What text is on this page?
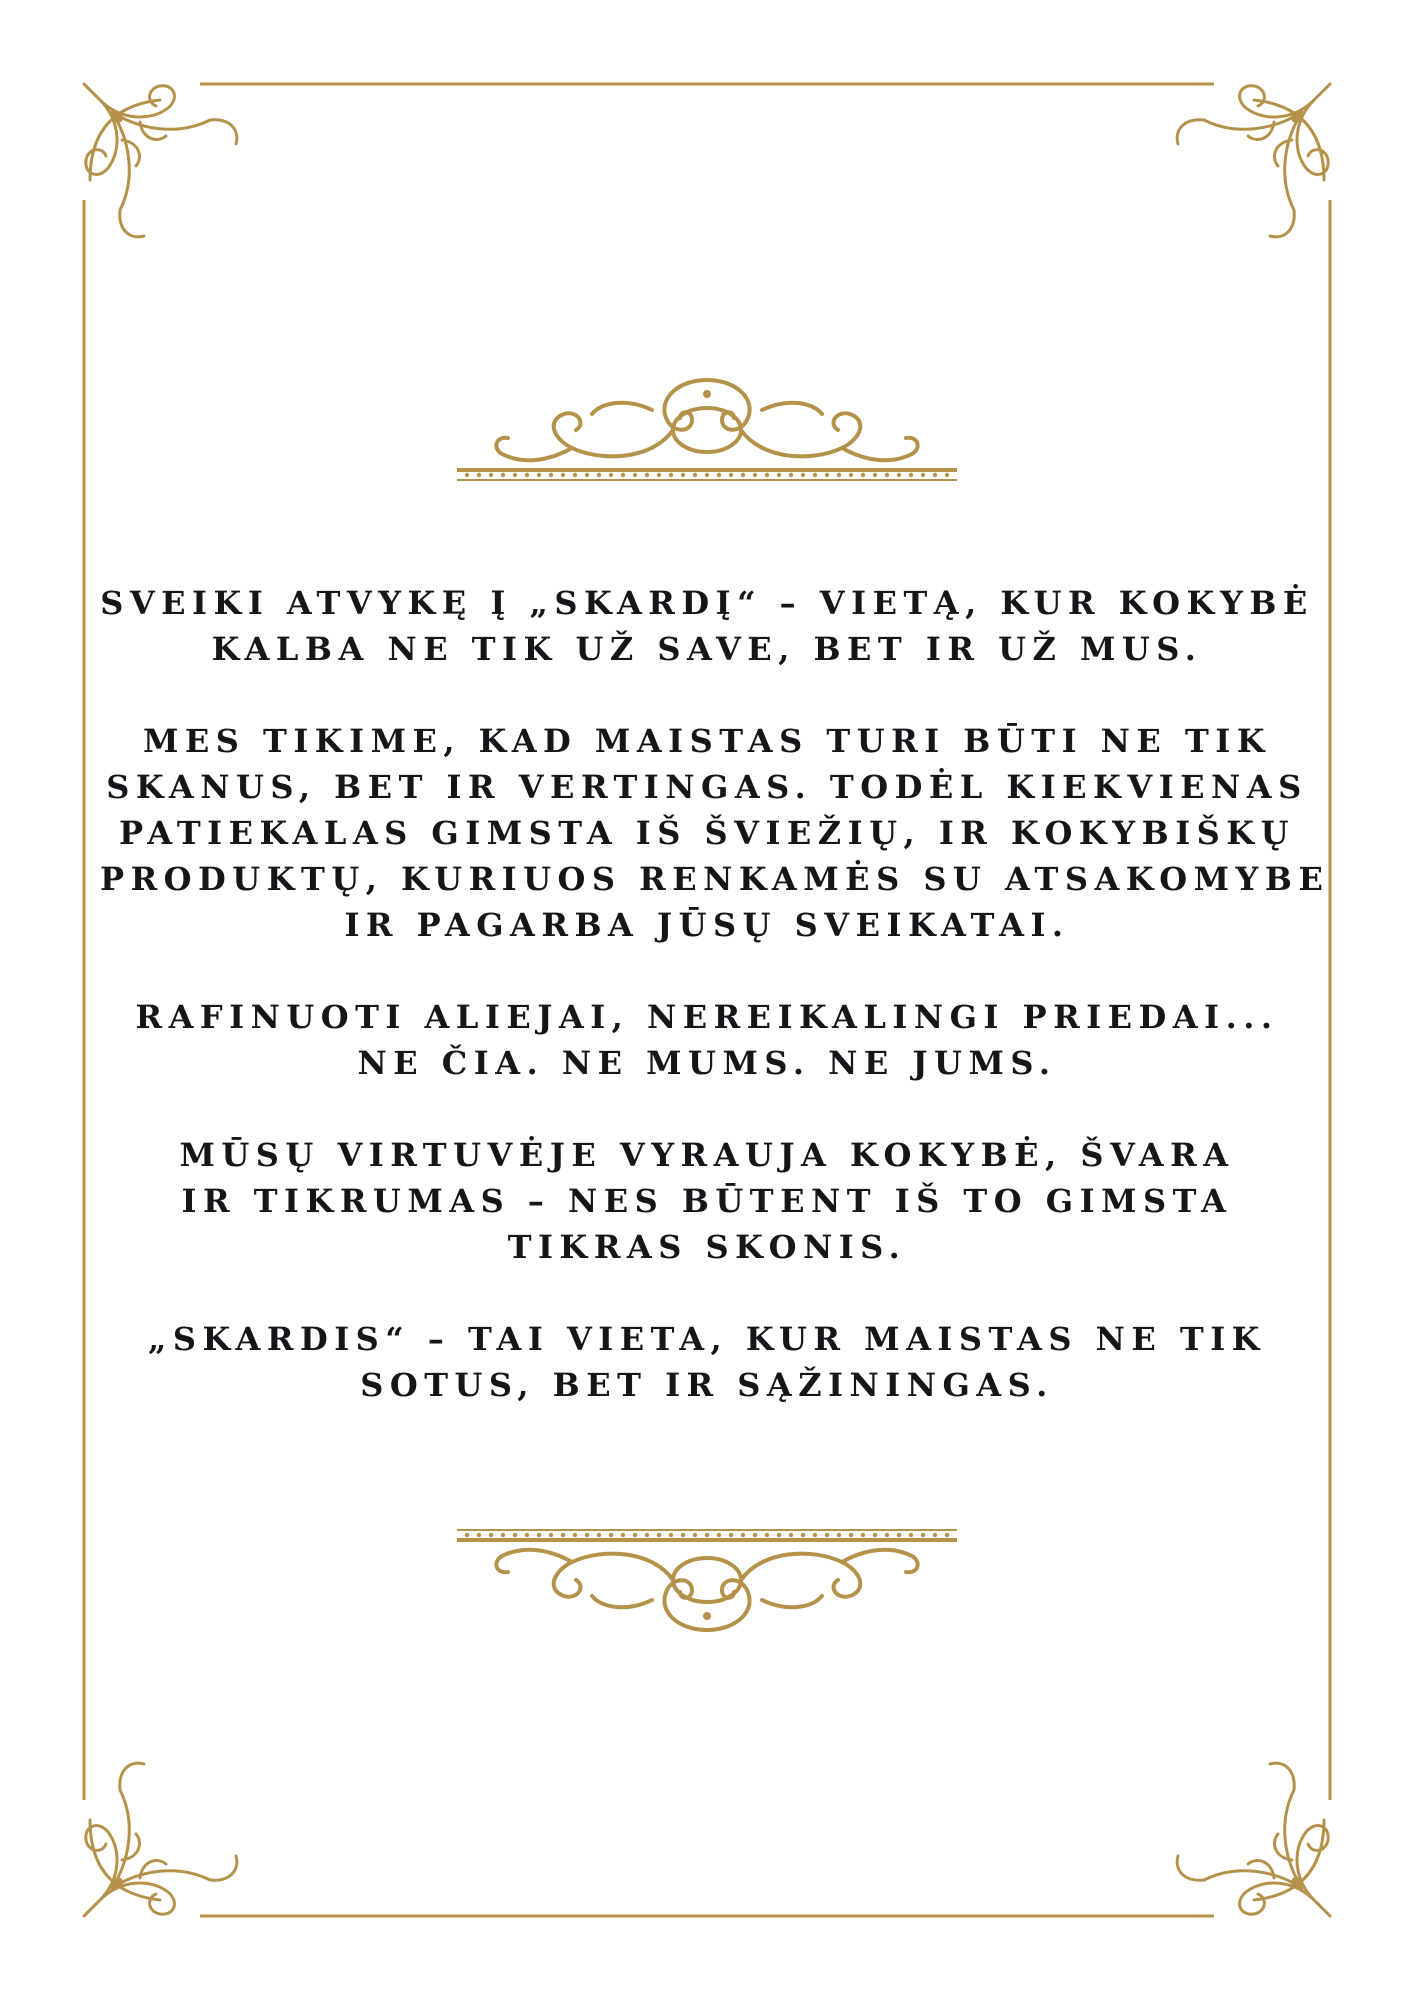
SVEIKI ATVYKĘ Į „SKARDĮ“ – VIETĄ, KUR KOKYBĖ
KALBA NE TIK UŽ SAVE, BET IR UŽ MUS.
MES TIKIME, KAD MAISTAS TURI BŪTI NE TIK
SKANUS, BET IR VERTINGAS. TODĖL KIEKVIENAS
PATIEKALAS GIMSTA IŠ ŠVIEŽIŲ, IR KOKYBIŠKŲ
PRODUKTŲ, KURIUOS RENKAMĖS SU ATSAKOMYBE
IR PAGARBA JŪSŲ SVEIKATAI.
RAFINUOTI ALIEJAI, NEREIKALINGI PRIEDAI...
NE ČIA. NE MUMS. NE JUMS.
MŪSŲ VIRTUVĖJE VYRAUJA KOKYBĖ, ŠVARA
IR TIKRUMAS – NES BŪTENT IŠ TO GIMSTA
TIKRAS SKONIS.
„SKARDIS“ – TAI VIETA, KUR MAISTAS NE TIK
SOTUS, BET IR SĄŽININGAS.
